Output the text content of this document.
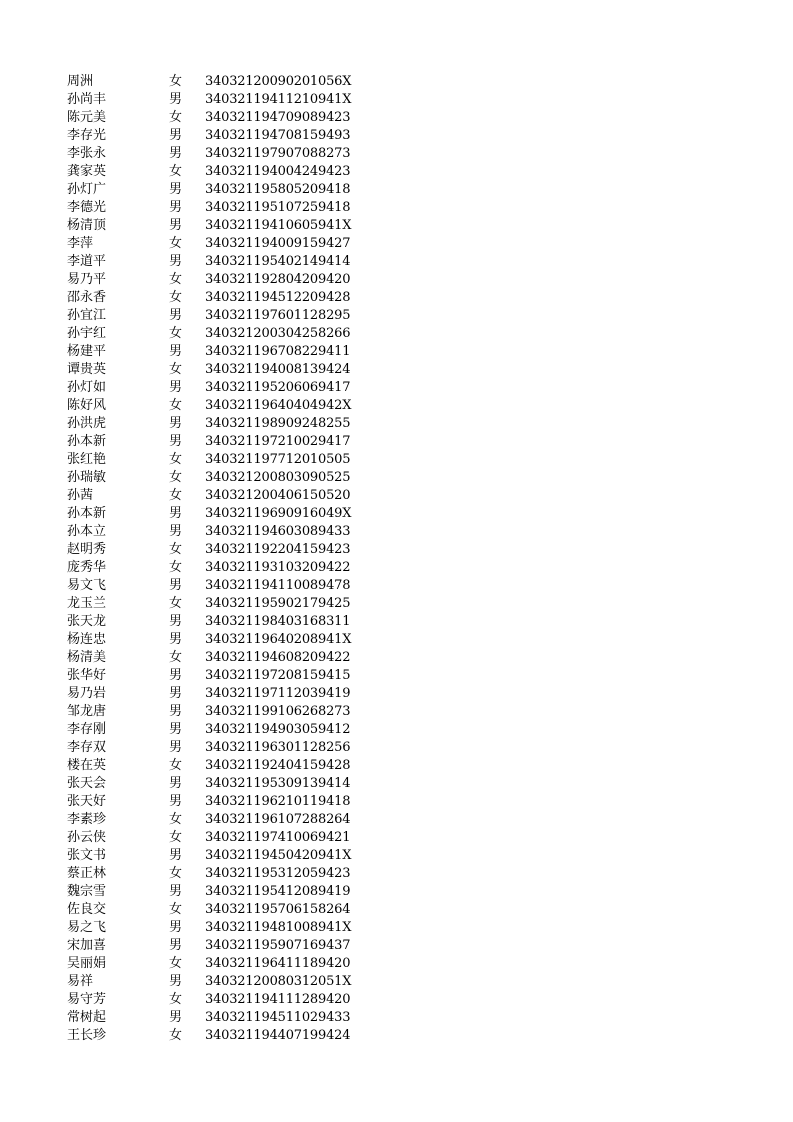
周洲	女 34032120090201056X
孙尚丰	男 34032119411210941X
陈元美	女 340321194709089423
李存光	男 340321194708159493
李张永	男 340321197907088273
龚家英	女 340321194004249423
孙灯广	男 340321195805209418
李德光	男 340321195107259418
杨清顶	男 34032119410605941X
李萍	女 340321194009159427
李道平	男 340321195402149414
易乃平	女 340321192804209420
邵永香	女 340321194512209428
孙宜江	男 340321197601128295
孙宇红	女 340321200304258266
杨建平	男 340321196708229411
谭贵英	女 340321194008139424
孙灯如	男 340321195206069417
陈好风	女 34032119640404942X
孙洪虎	男 340321198909248255
孙本新	男 340321197210029417
张红艳	女 340321197712010505
孙瑞敏	女 340321200803090525
孙茜	女 340321200406150520
孙本新	男 34032119690916049X
孙本立	男 340321194603089433
赵明秀	女 340321192204159423
庞秀华	女 340321193103209422
易文飞	男 340321194110089478
龙玉兰	女 340321195902179425
张天龙	男 340321198403168311
杨连忠	男 34032119640208941X
杨清美	女 340321194608209422
张华好	男 340321197208159415
易乃岩	男 340321197112039419
邹龙唐	男 340321199106268273
李存刚	男 340321194903059412
李存双	男 340321196301128256
楼在英	女 340321192404159428
张天会	男 340321195309139414
张天好	男 340321196210119418
李素珍	女 340321196107288264
孙云侠	女 340321197410069421
张文书	男 34032119450420941X
蔡正林	女 340321195312059423
魏宗雪	男 340321195412089419
佐良交	女 340321195706158264
易之飞	男 34032119481008941X
宋加喜	男 340321195907169437
吴丽娟	女 340321196411189420
易祥	男 34032120080312051X
易守芳	女 340321194111289420
常树起	男 340321194511029433
王长珍	女 340321194407199424
